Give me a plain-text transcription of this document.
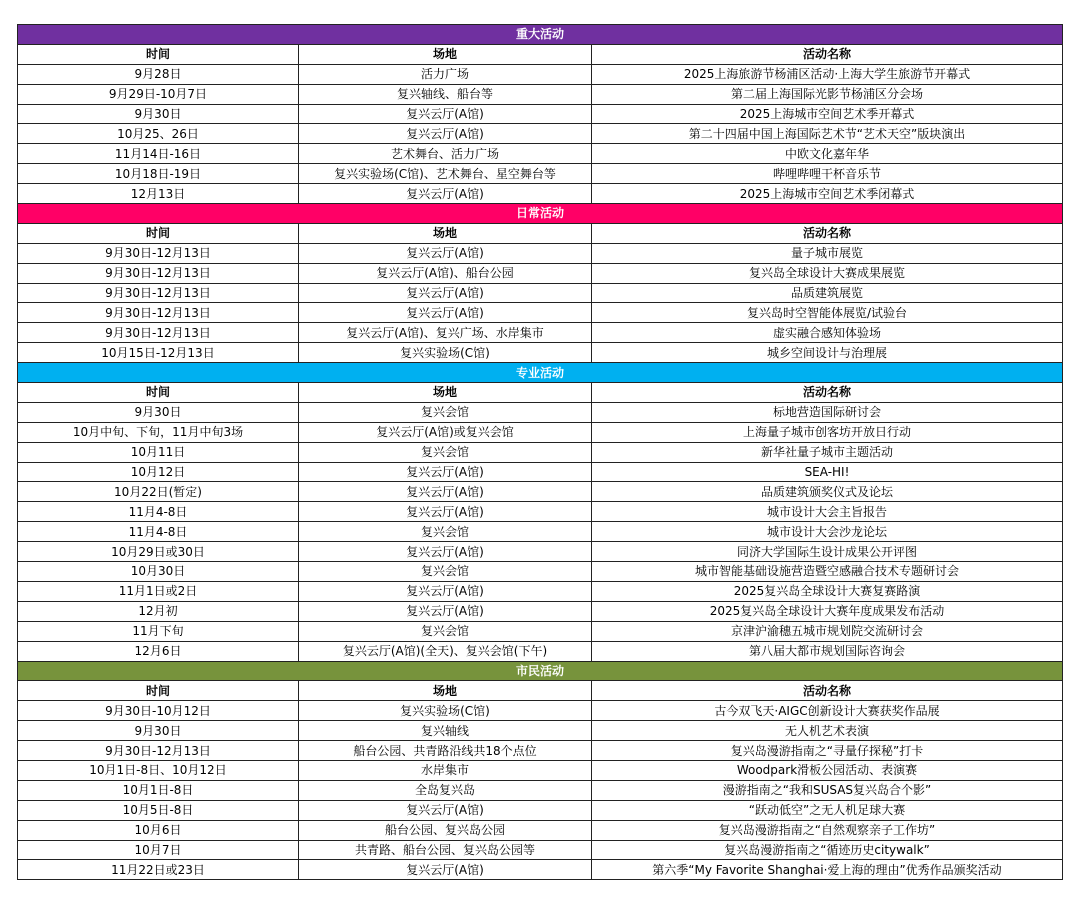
重大活动		
时间	场地	活动名称
9月28日	活力广场	2025上海旅游节杨浦区活动·上海大学生旅游节开幕式
9月29日-10月7日	复兴轴线、船台等	第二届上海国际光影节杨浦区分会场
9月30日	复兴云厅(A馆)	2025上海城市空间艺术季开幕式
10月25、26日	复兴云厅(A馆)	第二十四届中国上海国际艺术节“艺术天空”版块演出
11月14日-16日	艺术舞台、活力广场	中欧文化嘉年华
10月18日-19日	复兴实验场(C馆)、艺术舞台、星空舞台等	哔哩哔哩干杯音乐节
12月13日	复兴云厅(A馆)	2025上海城市空间艺术季闭幕式
日常活动		
时间	场地	活动名称
9月30日-12月13日	复兴云厅(A馆)	量子城市展览
9月30日-12月13日	复兴云厅(A馆)、船台公园	复兴岛全球设计大赛成果展览
9月30日-12月13日	复兴云厅(A馆)	品质建筑展览
9月30日-12月13日	复兴云厅(A馆)	复兴岛时空智能体展览/试验台
9月30日-12月13日	复兴云厅(A馆)、复兴广场、水岸集市	虚实融合感知体验场
10月15日-12月13日	复兴实验场(C馆)	城乡空间设计与治理展
专业活动		
时间	场地	活动名称
9月30日	复兴会馆	标地营造国际研讨会
10月中旬、下旬，11月中旬3场	复兴云厅(A馆)或复兴会馆	上海量子城市创客坊开放日行动
10月11日	复兴会馆	新华社量子城市主题活动
10月12日	复兴云厅(A馆)	SEA-HI!
10月22日(暂定)	复兴云厅(A馆)	品质建筑颁奖仪式及论坛
11月4-8日	复兴云厅(A馆)	城市设计大会主旨报告
11月4-8日	复兴会馆	城市设计大会沙龙论坛
10月29日或30日	复兴云厅(A馆)	同济大学国际生设计成果公开评图
10月30日	复兴会馆	城市智能基础设施营造暨空感融合技术专题研讨会
11月1日或2日	复兴云厅(A馆)	2025复兴岛全球设计大赛复赛路演
12月初	复兴云厅(A馆)	2025复兴岛全球设计大赛年度成果发布活动
11月下旬	复兴会馆	京津沪渝穗五城市规划院交流研讨会
12月6日	复兴云厅(A馆)(全天)、复兴会馆(下午)	第八届大都市规划国际咨询会
市民活动		
时间	场地	活动名称
9月30日-10月12日	复兴实验场(C馆)	古今双飞天·AIGC创新设计大赛获奖作品展
9月30日	复兴轴线	无人机艺术表演
9月30日-12月13日	船台公园、共青路沿线共18个点位	复兴岛漫游指南之“寻量仔探秘”打卡
10月1日-8日、10月12日	水岸集市	Woodpark滑板公园活动、表演赛
10月1日-8日	全岛复兴岛	漫游指南之“我和SUSAS复兴岛合个影”
10月5日-8日	复兴云厅(A馆)	“跃动低空”之无人机足球大赛
10月6日	船台公园、复兴岛公园	复兴岛漫游指南之“自然观察亲子工作坊”
10月7日	共青路、船台公园、复兴岛公园等	复兴岛漫游指南之“循迹历史citywalk”
11月22日或23日	复兴云厅(A馆)	第六季“My Favorite Shanghai·爱上海的理由”优秀作品颁奖活动
